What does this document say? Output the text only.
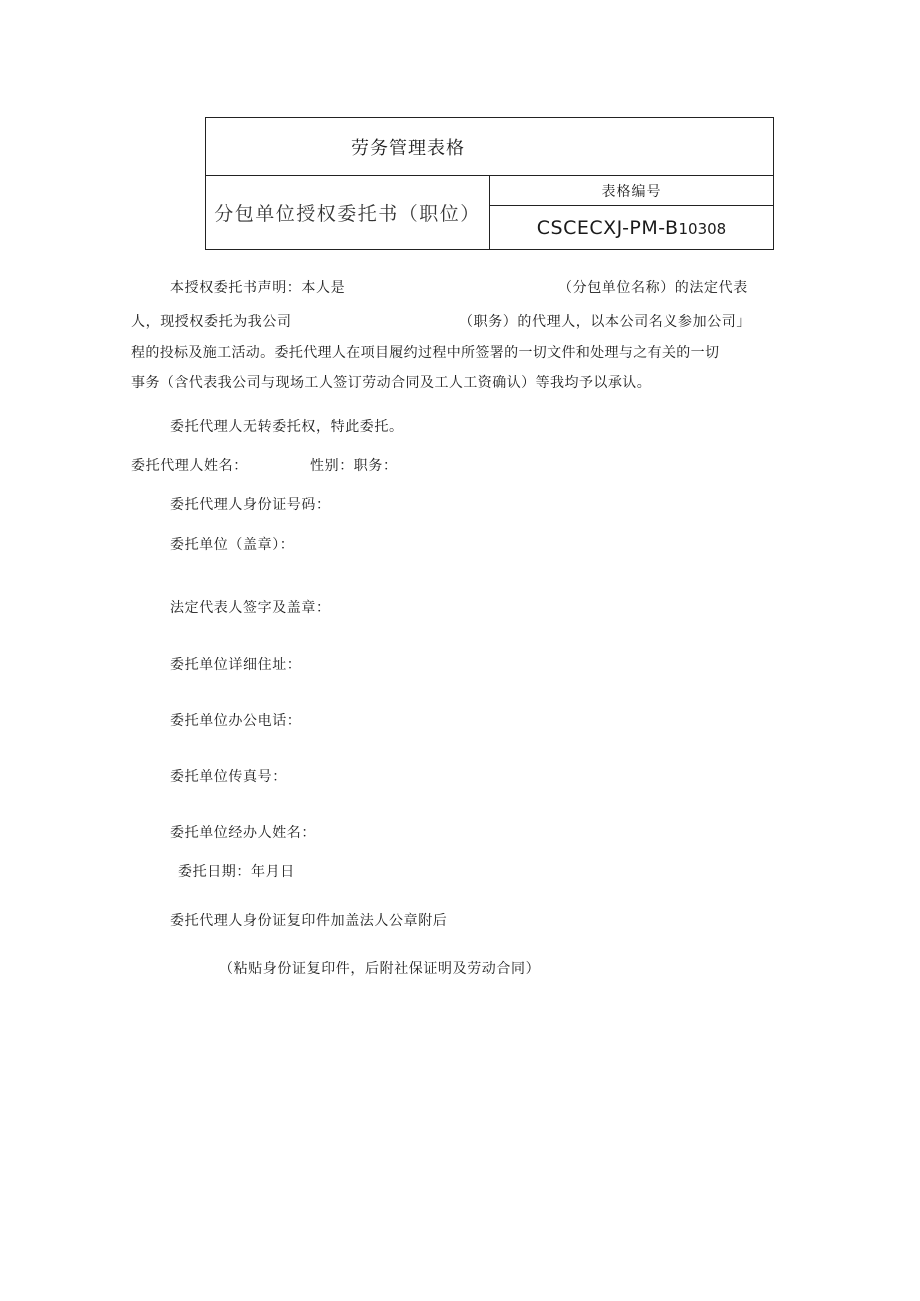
劳务管理表格
分包单位授权委托书（职位）	表格编号
CSCECXJ-PM-B10308
本授权委托书声明：本人是	（分包单位名称）的法定代表
人，现授权委托为我公司	（职务）的代理人，以本公司名义参加公司」
程的投标及施工活动。委托代理人在项目履约过程中所签署的一切文件和处理与之有关的一切
事务（含代表我公司与现场工人签订劳动合同及工人工资确认）等我均予以承认。
委托代理人无转委托权，特此委托。
委托代理人姓名：	性别：职务：
委托代理人身份证号码：
委托单位（盖章）：
法定代表人签字及盖章：
委托单位详细住址：
委托单位办公电话：
委托单位传真号：
委托单位经办人姓名：
委托日期：年月日
委托代理人身份证复印件加盖法人公章附后
（粘贴身份证复印件，后附社保证明及劳动合同）
